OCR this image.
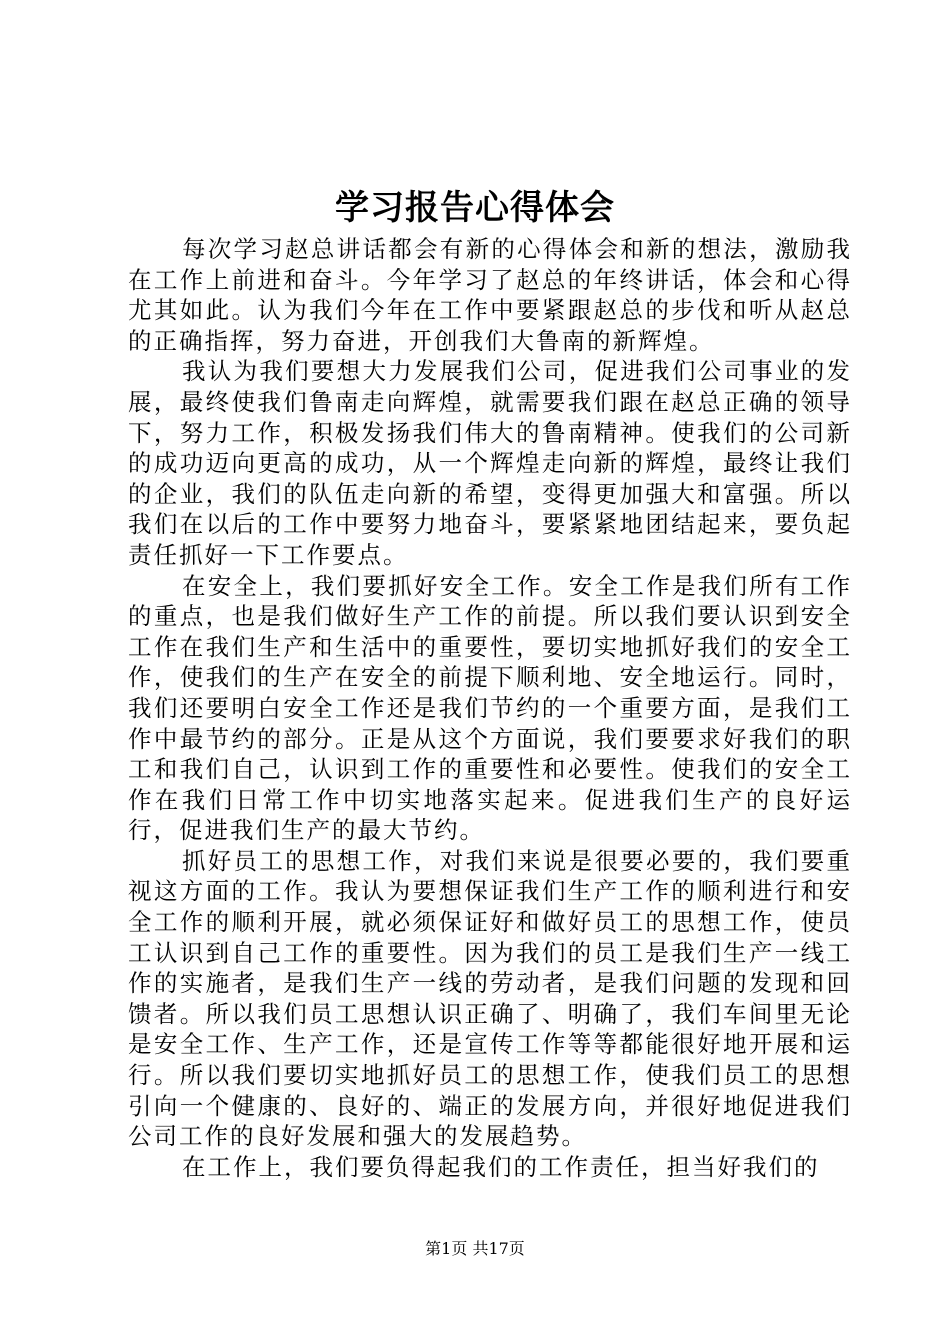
学习报告心得体会

每次学习赵总讲话都会有新的心得体会和新的想法，激励我在工作上前进和奋斗。今年学习了赵总的年终讲话，体会和心得尤其如此。认为我们今年在工作中要紧跟赵总的步伐和听从赵总的正确指挥，努力奋进，开创我们大鲁南的新辉煌。

我认为我们要想大力发展我们公司，促进我们公司事业的发展，最终使我们鲁南走向辉煌，就需要我们跟在赵总正确的领导下，努力工作，积极发扬我们伟大的鲁南精神。使我们的公司新的成功迈向更高的成功，从一个辉煌走向新的辉煌，最终让我们的企业，我们的队伍走向新的希望，变得更加强大和富强。所以我们在以后的工作中要努力地奋斗，要紧紧地团结起来，要负起责任抓好一下工作要点。

在安全上，我们要抓好安全工作。安全工作是我们所有工作的重点，也是我们做好生产工作的前提。所以我们要认识到安全工作在我们生产和生活中的重要性，要切实地抓好我们的安全工作，使我们的生产在安全的前提下顺利地、安全地运行。同时，我们还要明白安全工作还是我们节约的一个重要方面，是我们工作中最节约的部分。正是从这个方面说，我们要要求好我们的职工和我们自己，认识到工作的重要性和必要性。使我们的安全工作在我们日常工作中切实地落实起来。促进我们生产的良好运行，促进我们生产的最大节约。

抓好员工的思想工作，对我们来说是很要必要的，我们要重视这方面的工作。我认为要想保证我们生产工作的顺利进行和安全工作的顺利开展，就必须保证好和做好员工的思想工作，使员工认识到自己工作的重要性。因为我们的员工是我们生产一线工作的实施者，是我们生产一线的劳动者，是我们问题的发现和回馈者。所以我们员工思想认识正确了、明确了，我们车间里无论是安全工作、生产工作，还是宣传工作等等都能很好地开展和运行。所以我们要切实地抓好员工的思想工作，使我们员工的思想引向一个健康的、良好的、端正的发展方向，并很好地促进我们公司工作的良好发展和强大的发展趋势。

在工作上，我们要负得起我们的工作责任，担当好我们的

第1页 共17页
